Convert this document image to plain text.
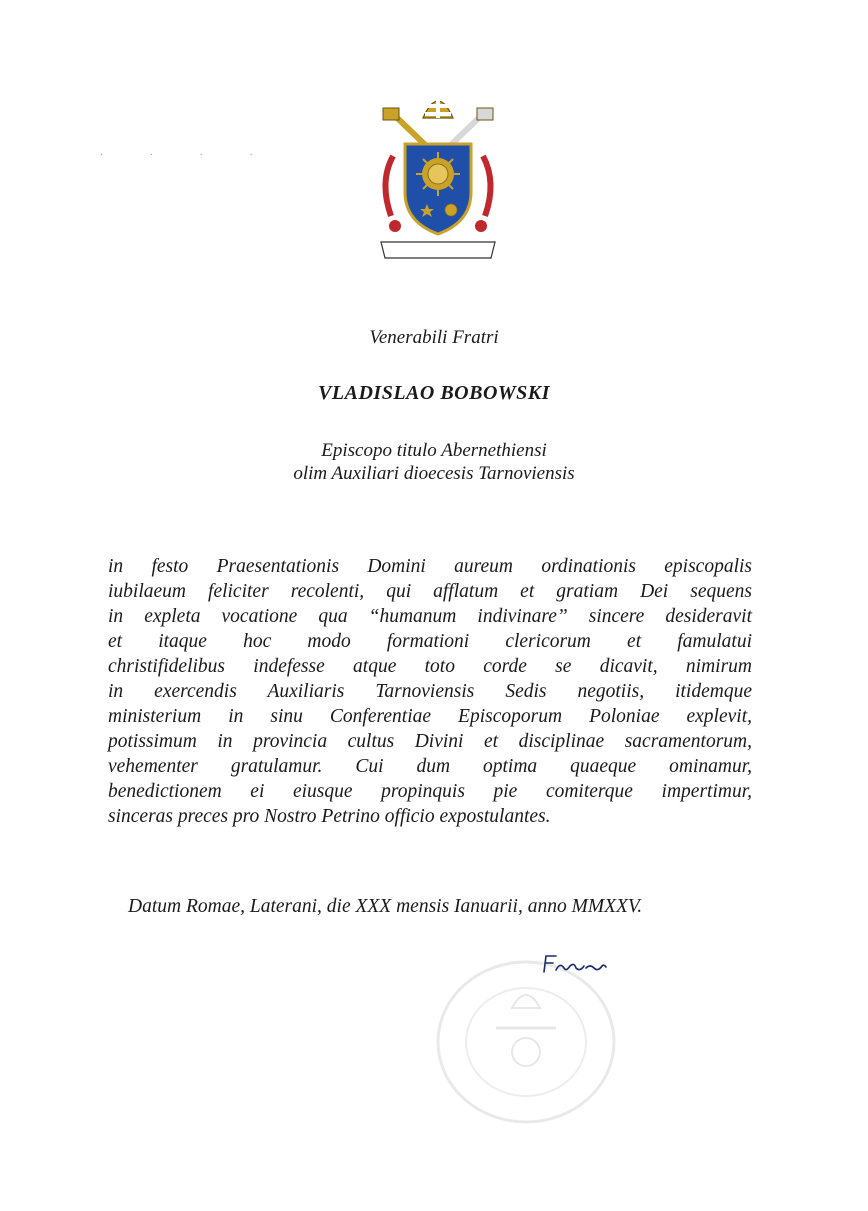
· · · ·
Venerabili Fratri
VLADISLAO BOBOWSKI
Episcopo titulo Abernethiensi
olim Auxiliari dioecesis Tarnoviensis
in festo Praesentationis Domini aureum ordinationis episcopalis
iubilaeum feliciter recolenti, qui afflatum et gratiam Dei sequens
in expleta vocatione qua “humanum indivinare” sincere desideravit
et itaque hoc modo formationi clericorum et famulatui
christifidelibus indefesse atque toto corde se dicavit, nimirum
in exercendis Auxiliaris Tarnoviensis Sedis negotiis, itidemque
ministerium in sinu Conferentiae Episcoporum Poloniae explevit,
potissimum in provincia cultus Divini et disciplinae sacramentorum,
vehementer gratulamur. Cui dum optima quaeque ominamur,
benedictionem ei eiusque propinquis pie comiterque impertimur,
sinceras preces pro Nostro Petrino officio expostulantes.
Datum Romae, Laterani, die XXX mensis Ianuarii, anno MMXXV.
